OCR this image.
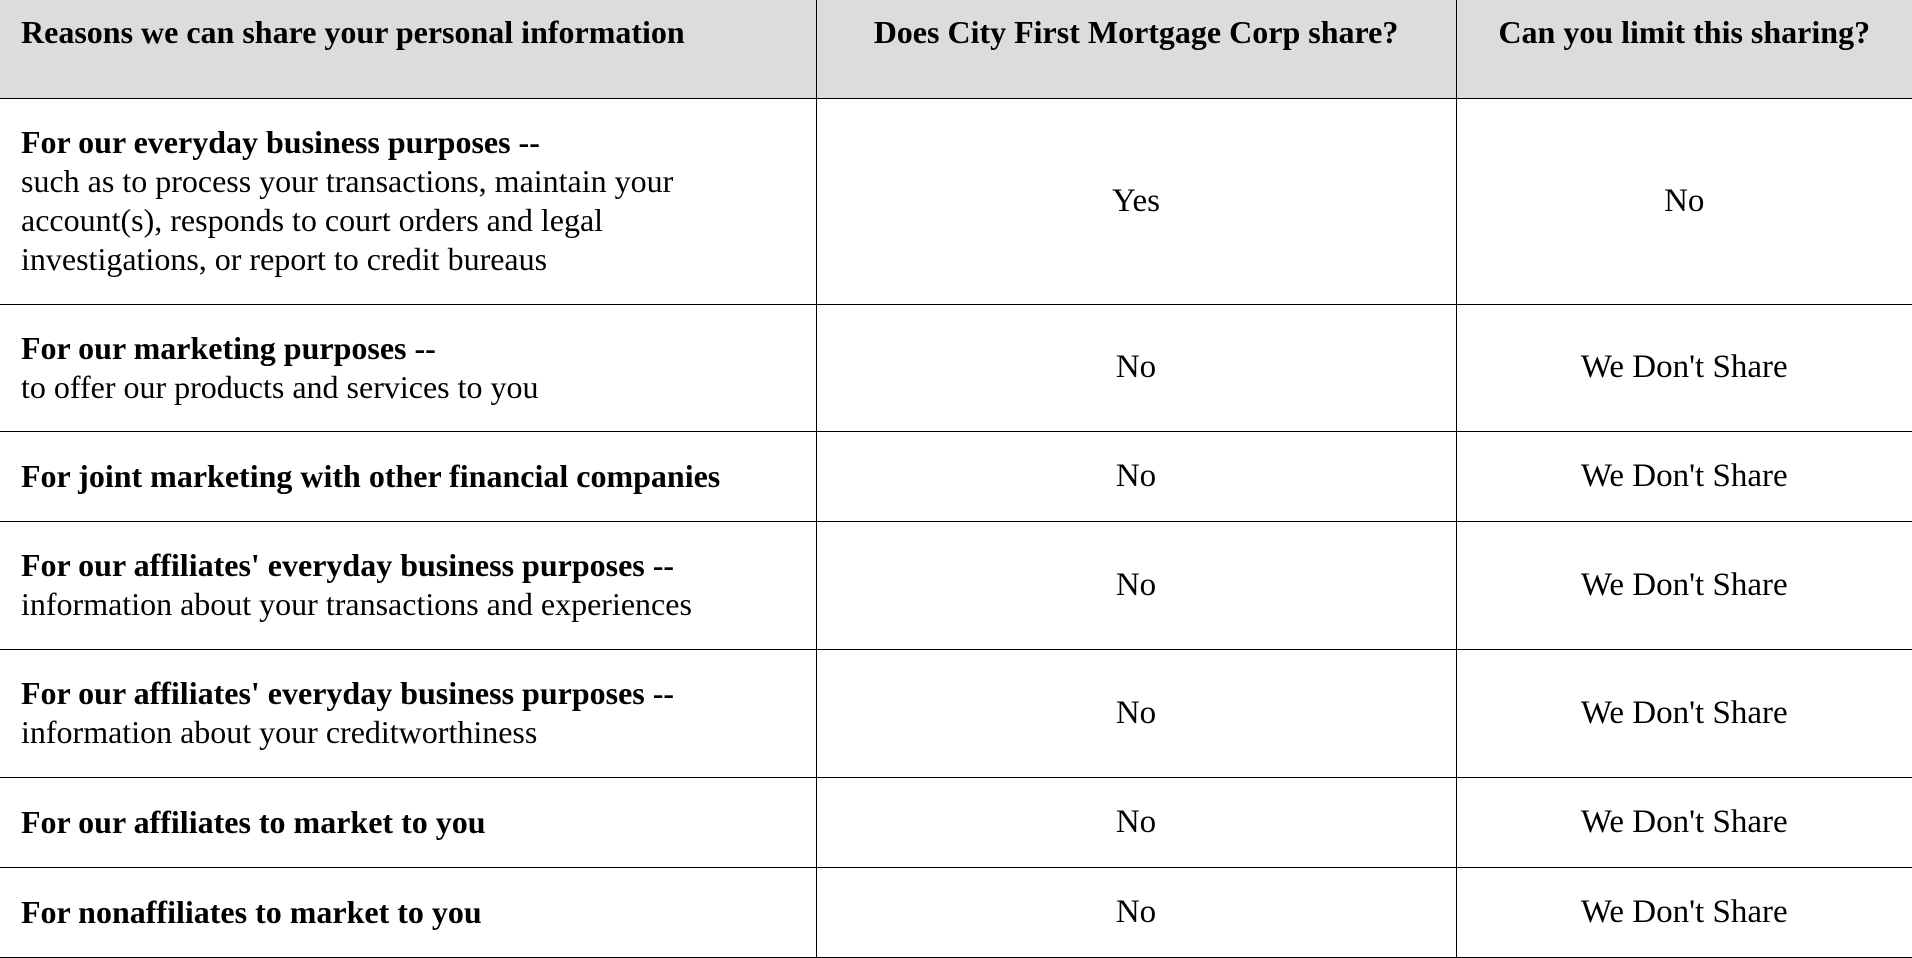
Reasons we can share your personal information	Does City First Mortgage Corp share?	Can you limit this sharing?

For our everyday business purposes --
such as to process your transactions, maintain your account(s), responds to court orders and legal investigations, or report to credit bureaus	Yes	No

For our marketing purposes --
to offer our products and services to you	No	We Don't Share

For joint marketing with other financial companies	No	We Don't Share

For our affiliates' everyday business purposes --
information about your transactions and experiences	No	We Don't Share

For our affiliates' everyday business purposes --
information about your creditworthiness	No	We Don't Share

For our affiliates to market to you	No	We Don't Share

For nonaffiliates to market to you	No	We Don't Share
